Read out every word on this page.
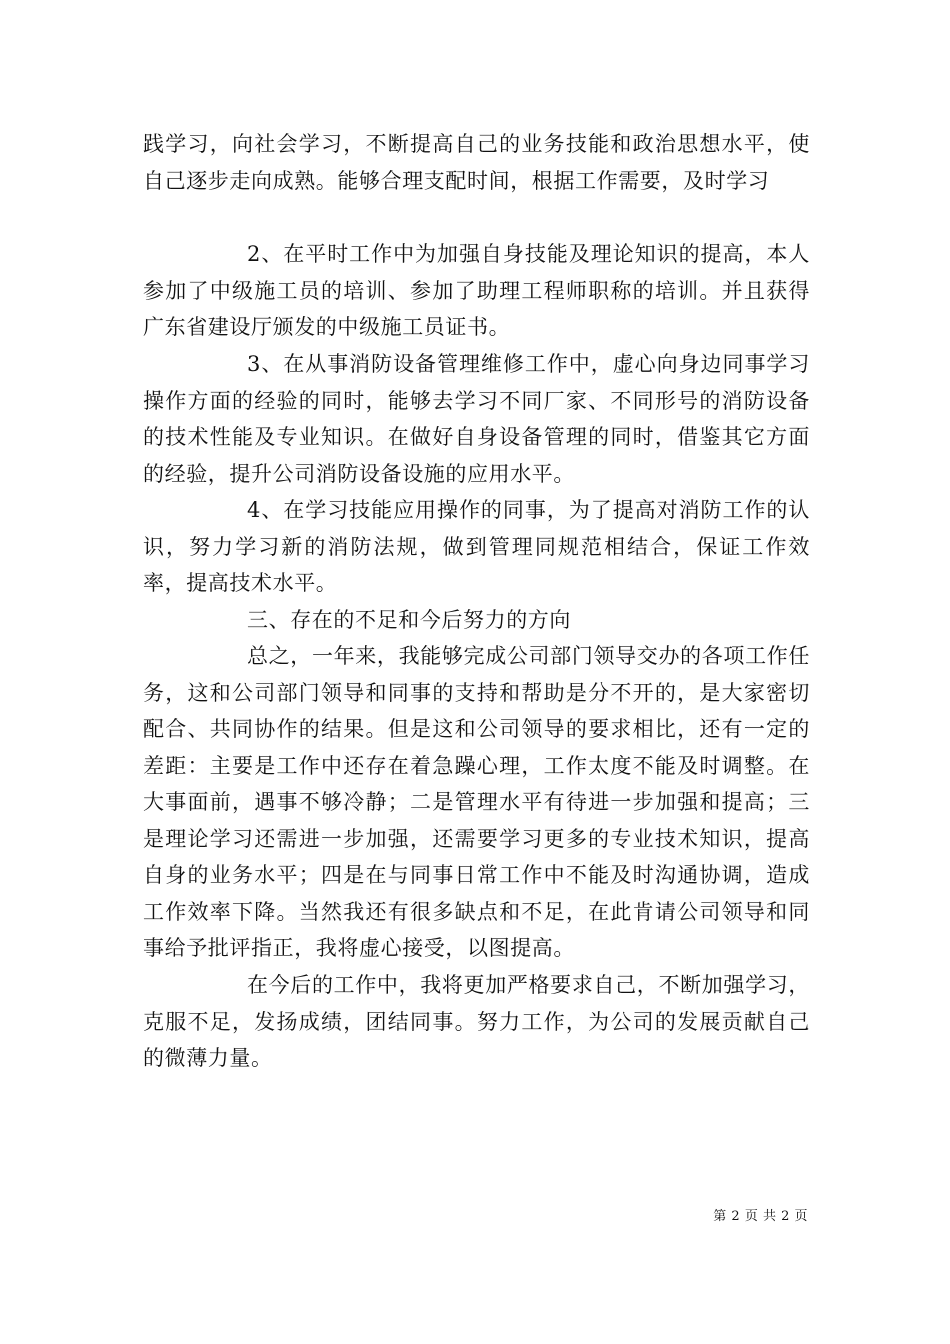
践学习，向社会学习，不断提高自己的业务技能和政治思想水平，使自己逐步走向成熟。能够合理支配时间，根据工作需要，及时学习

2、在平时工作中为加强自身技能及理论知识的提高，本人参加了中级施工员的培训、参加了助理工程师职称的培训。并且获得广东省建设厅颁发的中级施工员证书。

3、在从事消防设备管理维修工作中，虚心向身边同事学习操作方面的经验的同时，能够去学习不同厂家、不同形号的消防设备的技术性能及专业知识。在做好自身设备管理的同时，借鉴其它方面的经验，提升公司消防设备设施的应用水平。

4、在学习技能应用操作的同事，为了提高对消防工作的认识，努力学习新的消防法规，做到管理同规范相结合，保证工作效率，提高技术水平。

三、存在的不足和今后努力的方向

总之，一年来，我能够完成公司部门领导交办的各项工作任务，这和公司部门领导和同事的支持和帮助是分不开的，是大家密切配合、共同协作的结果。但是这和公司领导的要求相比，还有一定的差距：主要是工作中还存在着急躁心理，工作太度不能及时调整。在大事面前，遇事不够冷静；二是管理水平有待进一步加强和提高；三是理论学习还需进一步加强，还需要学习更多的专业技术知识，提高自身的业务水平；四是在与同事日常工作中不能及时沟通协调，造成工作效率下降。当然我还有很多缺点和不足，在此肯请公司领导和同事给予批评指正，我将虚心接受，以图提高。

在今后的工作中，我将更加严格要求自己，不断加强学习，克服不足，发扬成绩，团结同事。努力工作，为公司的发展贡献自己的微薄力量。

第 2 页 共 2 页
